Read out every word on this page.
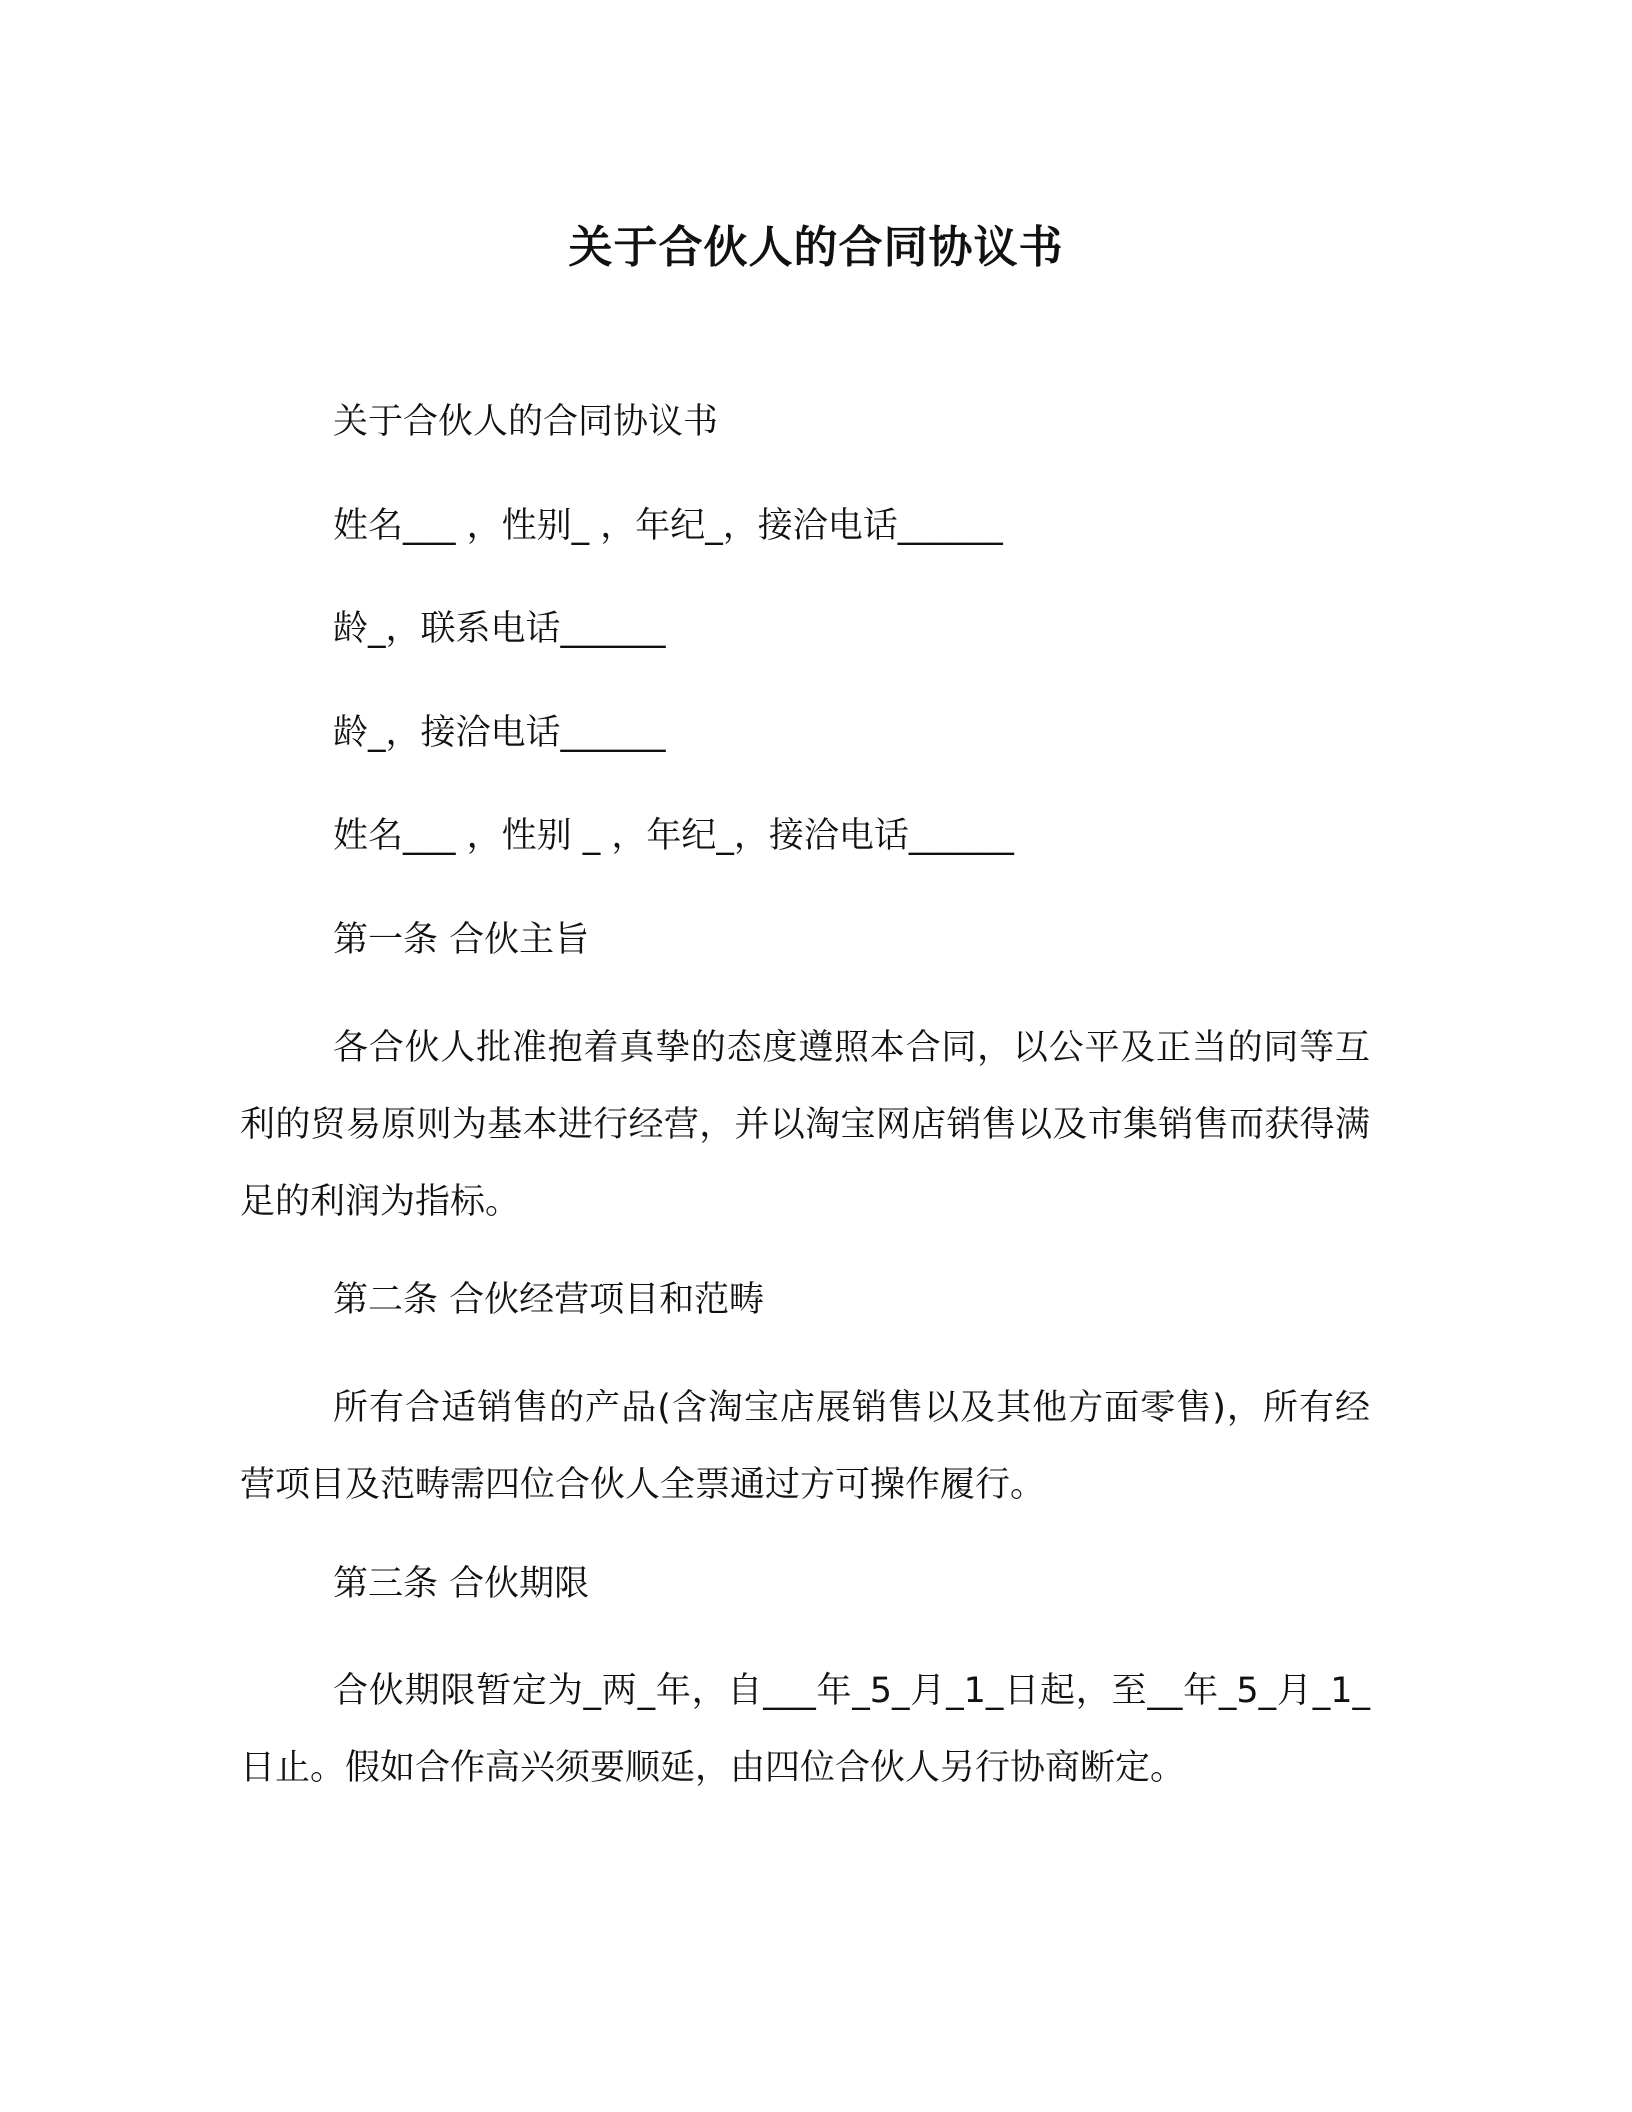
关于合伙人的合同协议书
关于合伙人的合同协议书
姓名___ ，性别_ ，年纪_，接洽电话______
龄_，联系电话______
龄_，接洽电话______
姓名___ ，性别 _ ，年纪_，接洽电话______
第一条 合伙主旨

各合伙人批准抱着真挚的态度遵照本合同，以公平及正当的同等互利的贸易原则为基本进行经营，并以淘宝网店销售以及市集销售而获得满足的利润为指标。

第二条 合伙经营项目和范畴

所有合适销售的产品(含淘宝店展销售以及其他方面零售)，所有经营项目及范畴需四位合伙人全票通过方可操作履行。

第三条 合伙期限

合伙期限暂定为_两_年，自___年_5_月_1_日起，至__年_5_月_1_日止。假如合作高兴须要顺延，由四位合伙人另行协商断定。
